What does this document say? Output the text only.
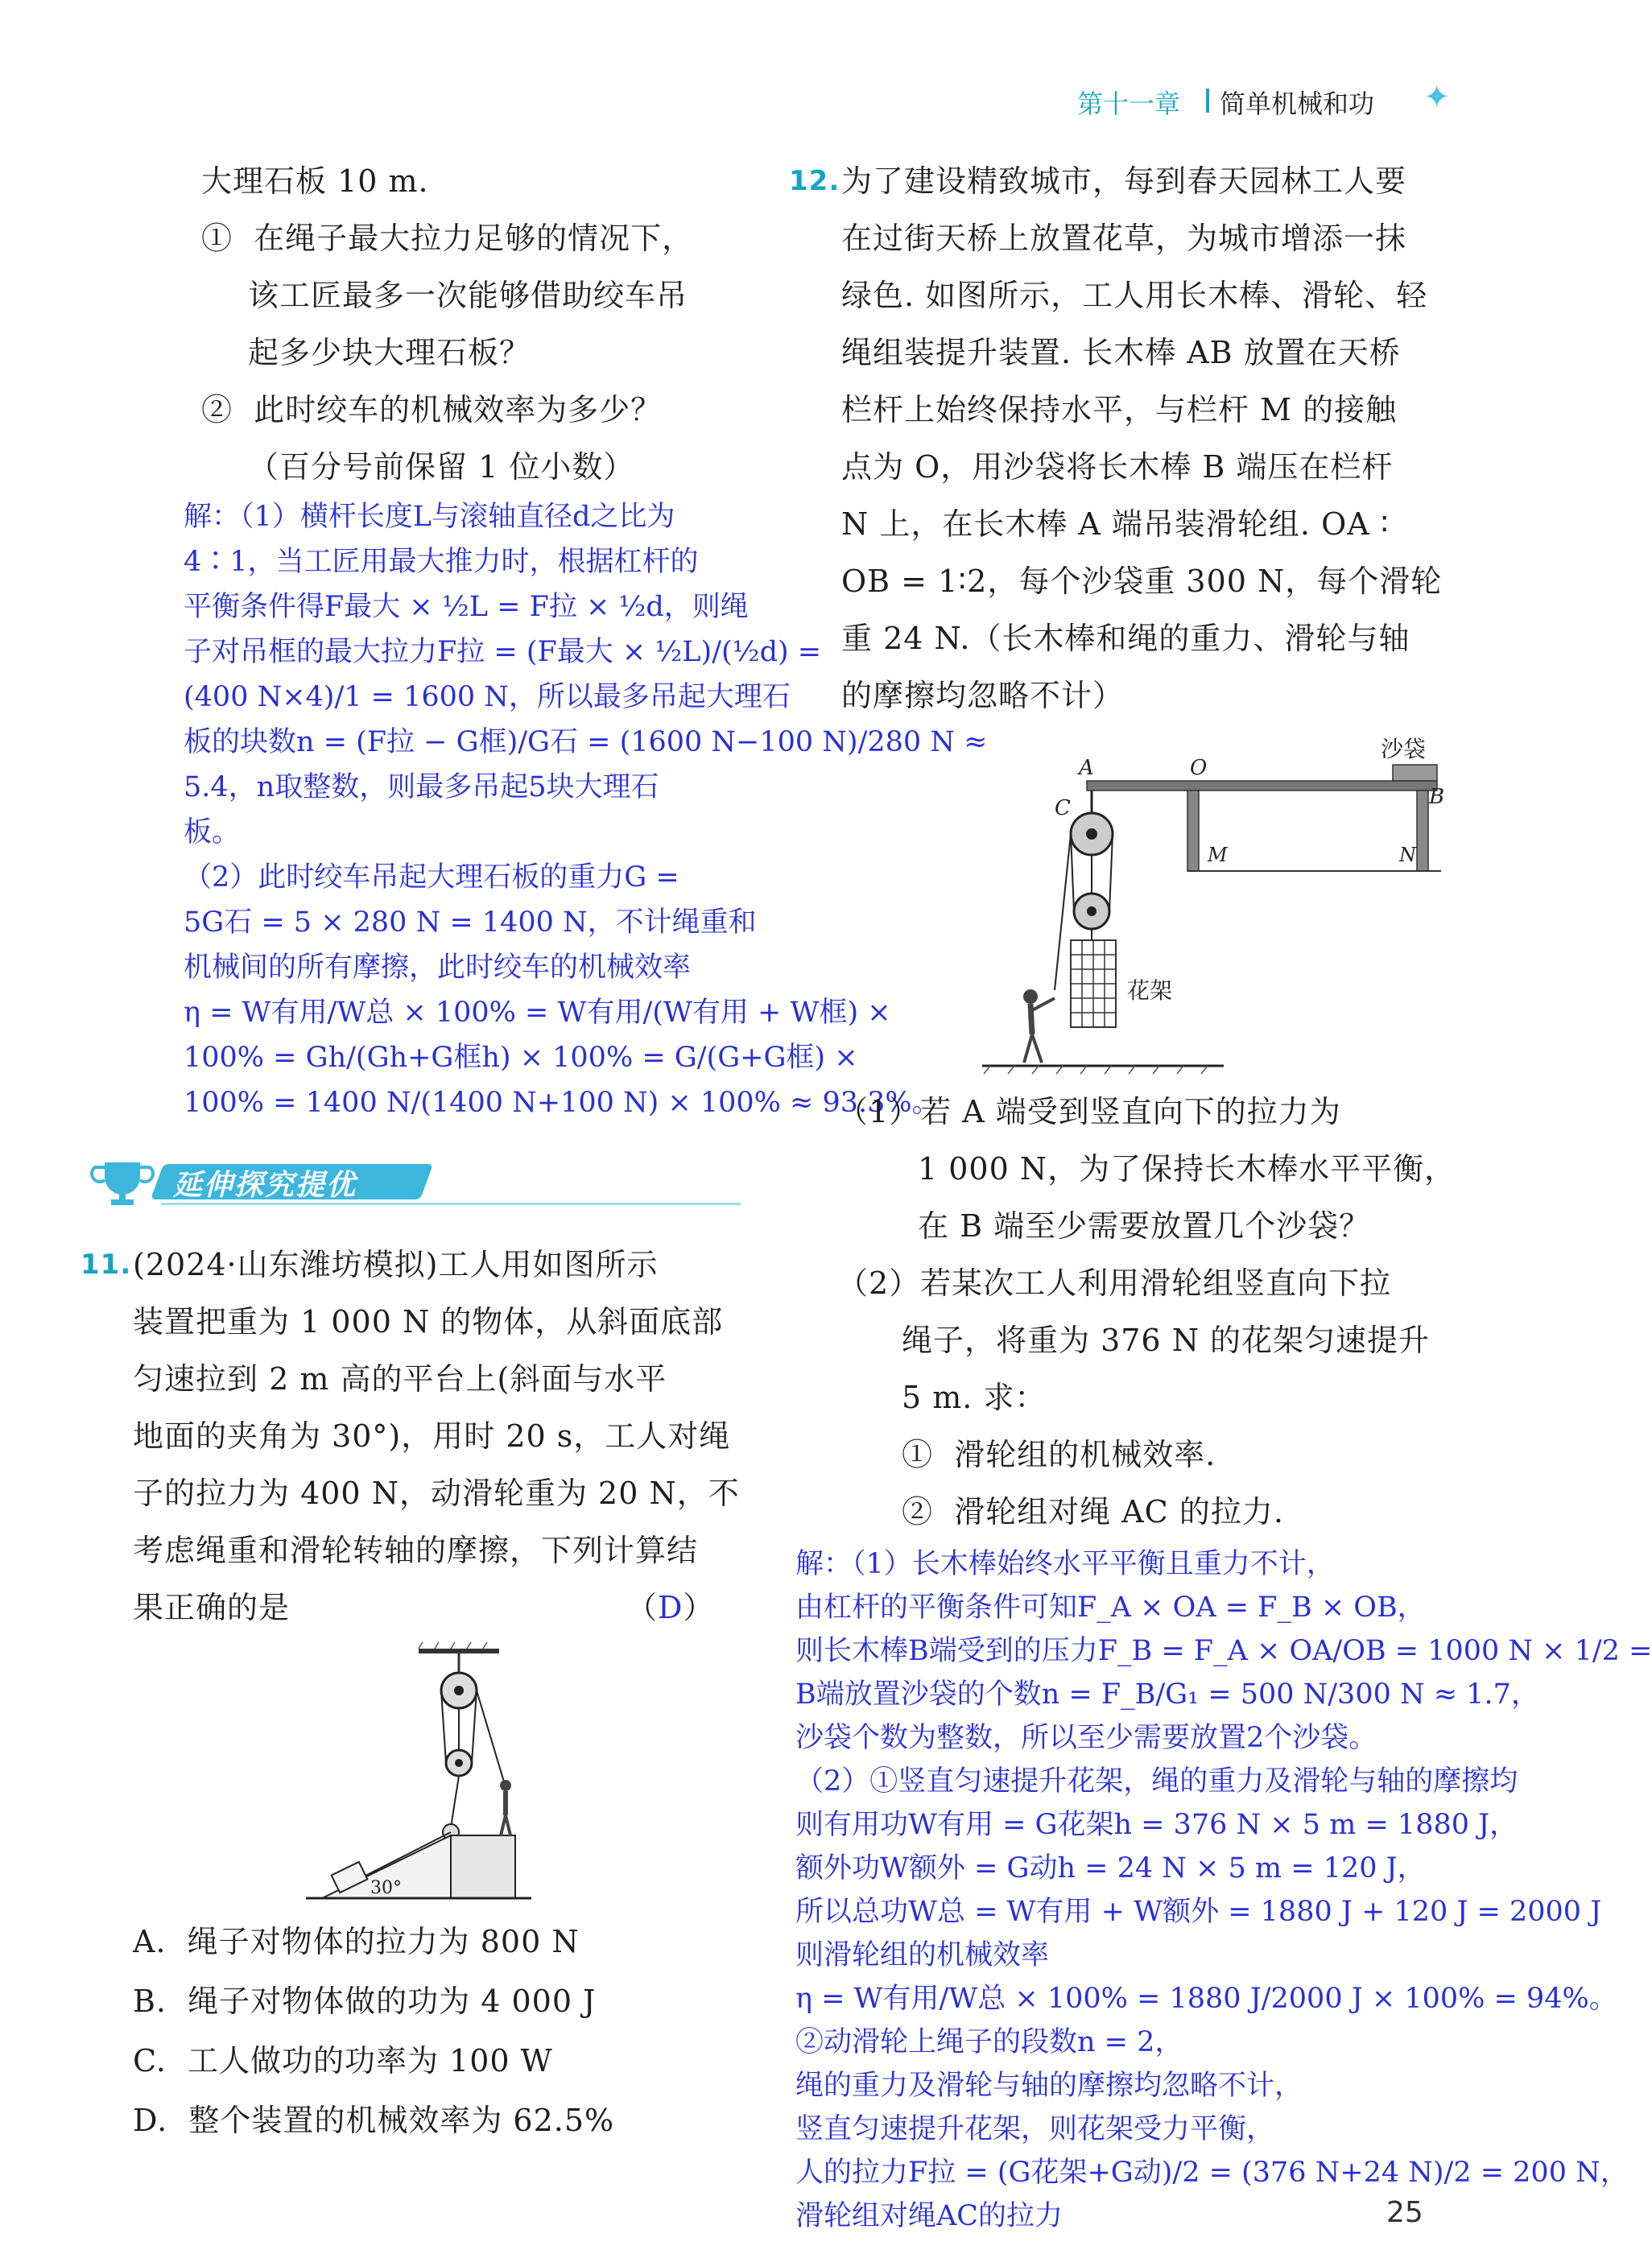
第十一章 简单机械和功 ✦
大理石板 10 m.
①  在绳子最大拉力足够的情况下，
该工匠最多一次能够借助绞车吊
起多少块大理石板？
②  此时绞车的机械效率为多少？
（百分号前保留 1 位小数）
解：（1）横杆长度L与滚轴直径d之比为
4∶1，当工匠用最大推力时，根据杠杆的
平衡条件得F最大 × ½L = F拉 × ½d，则绳
子对吊框的最大拉力F拉 = (F最大 × ½L)/(½d) =
(400 N×4)/1 = 1600 N，所以最多吊起大理石
板的块数n = (F拉 − G框)/G石 = (1600 N−100 N)/280 N ≈
5.4，n取整数，则最多吊起5块大理石
板。
（2）此时绞车吊起大理石板的重力G =
5G石 = 5 × 280 N = 1400 N，不计绳重和
机械间的所有摩擦，此时绞车的机械效率
η = W有用/W总 × 100% = W有用/(W有用 + W框) ×
100% = Gh/(Gh+G框h) × 100% = G/(G+G框) ×
100% = 1400 N/(1400 N+100 N) × 100% ≈ 93.3%。
延伸探究提优
11. (2024·山东潍坊模拟)工人用如图所示
装置把重为 1 000 N 的物体，从斜面底部
匀速拉到 2 m 高的平台上(斜面与水平
地面的夹角为 30°)，用时 20 s，工人对绳
子的拉力为 400 N，动滑轮重为 20 N，不
考虑绳重和滑轮转轴的摩擦，下列计算结
果正确的是	（D）
30°
A.  绳子对物体的拉力为 800 N
B.  绳子对物体做的功为 4 000 J
C.  工人做功的功率为 100 W
D.  整个装置的机械效率为 62.5%
12. 为了建设精致城市，每到春天园林工人要
在过街天桥上放置花草，为城市增添一抹
绿色. 如图所示，工人用长木棒、滑轮、轻
绳组装提升装置. 长木棒 AB 放置在天桥
栏杆上始终保持水平，与栏杆 M 的接触
点为 O，用沙袋将长木棒 B 端压在栏杆
N 上，在长木棒 A 端吊装滑轮组. OA ∶
OB = 1∶2，每个沙袋重 300 N，每个滑轮
重 24 N.（长木棒和绳的重力、滑轮与轴
的摩擦均忽略不计）
A	O
B
沙袋
M	N
C
花架
（1）若 A 端受到竖直向下的拉力为
1 000 N，为了保持长木棒水平平衡，
在 B 端至少需要放置几个沙袋？
（2）若某次工人利用滑轮组竖直向下拉
绳子，将重为 376 N 的花架匀速提升
5 m. 求：
①  滑轮组的机械效率.
②  滑轮组对绳 AC 的拉力.
解：（1）长木棒始终水平平衡且重力不计，
由杠杆的平衡条件可知F_A × OA = F_B × OB，
则长木棒B端受到的压力F_B = F_A × OA/OB = 1000 N × 1/2 =
B端放置沙袋的个数n = F_B/G₁ = 500 N/300 N ≈ 1.7，
沙袋个数为整数，所以至少需要放置2个沙袋。
（2）①竖直匀速提升花架，绳的重力及滑轮与轴的摩擦均
则有用功W有用 = G花架h = 376 N × 5 m = 1880 J，
额外功W额外 = G动h = 24 N × 5 m = 120 J，
所以总功W总 = W有用 + W额外 = 1880 J + 120 J = 2000 J
则滑轮组的机械效率
η = W有用/W总 × 100% = 1880 J/2000 J × 100% = 94%。
②动滑轮上绳子的段数n = 2，
绳的重力及滑轮与轴的摩擦均忽略不计，
竖直匀速提升花架，则花架受力平衡，
人的拉力F拉 = (G花架+G动)/2 = (376 N+24 N)/2 = 200 N，
滑轮组对绳AC的拉力	25
